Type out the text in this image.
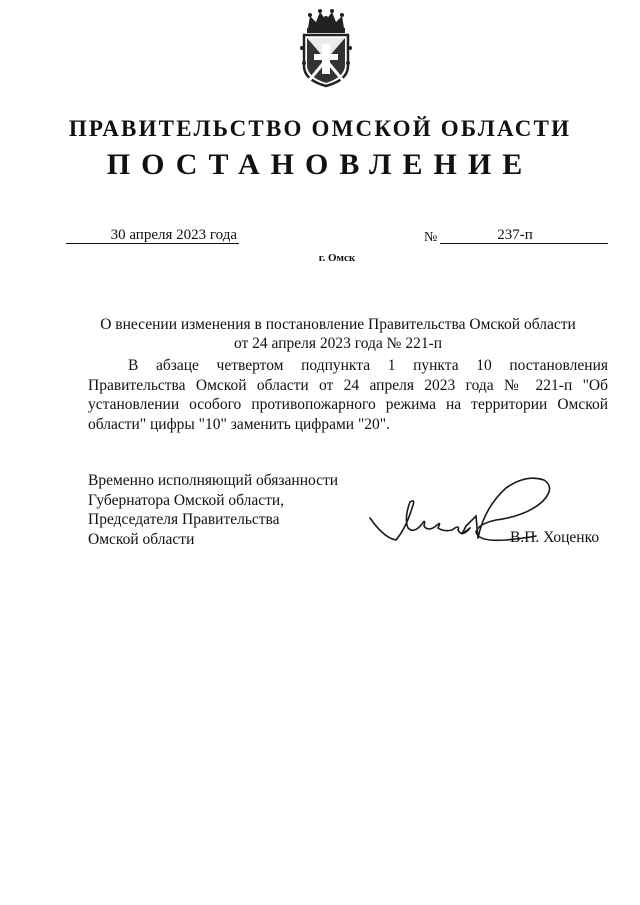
ПРАВИТЕЛЬСТВО ОМСКОЙ ОБЛАСТИ
ПОСТАНОВЛЕНИЕ
30 апреля 2023 года	№	237-п
г. Омск
О внесении изменения в постановление Правительства Омской области
от 24 апреля 2023 года № 221-п
В абзаце четвертом подпункта 1 пункта 10 постановления Правительства Омской области от 24 апреля 2023 года № 221-п "Об установлении особого противопожарного режима на территории Омской области" цифры "10" заменить цифрами "20".
Временно исполняющий обязанности
Губернатора Омской области,
Председателя Правительства
Омской области	В.П. Хоценко
